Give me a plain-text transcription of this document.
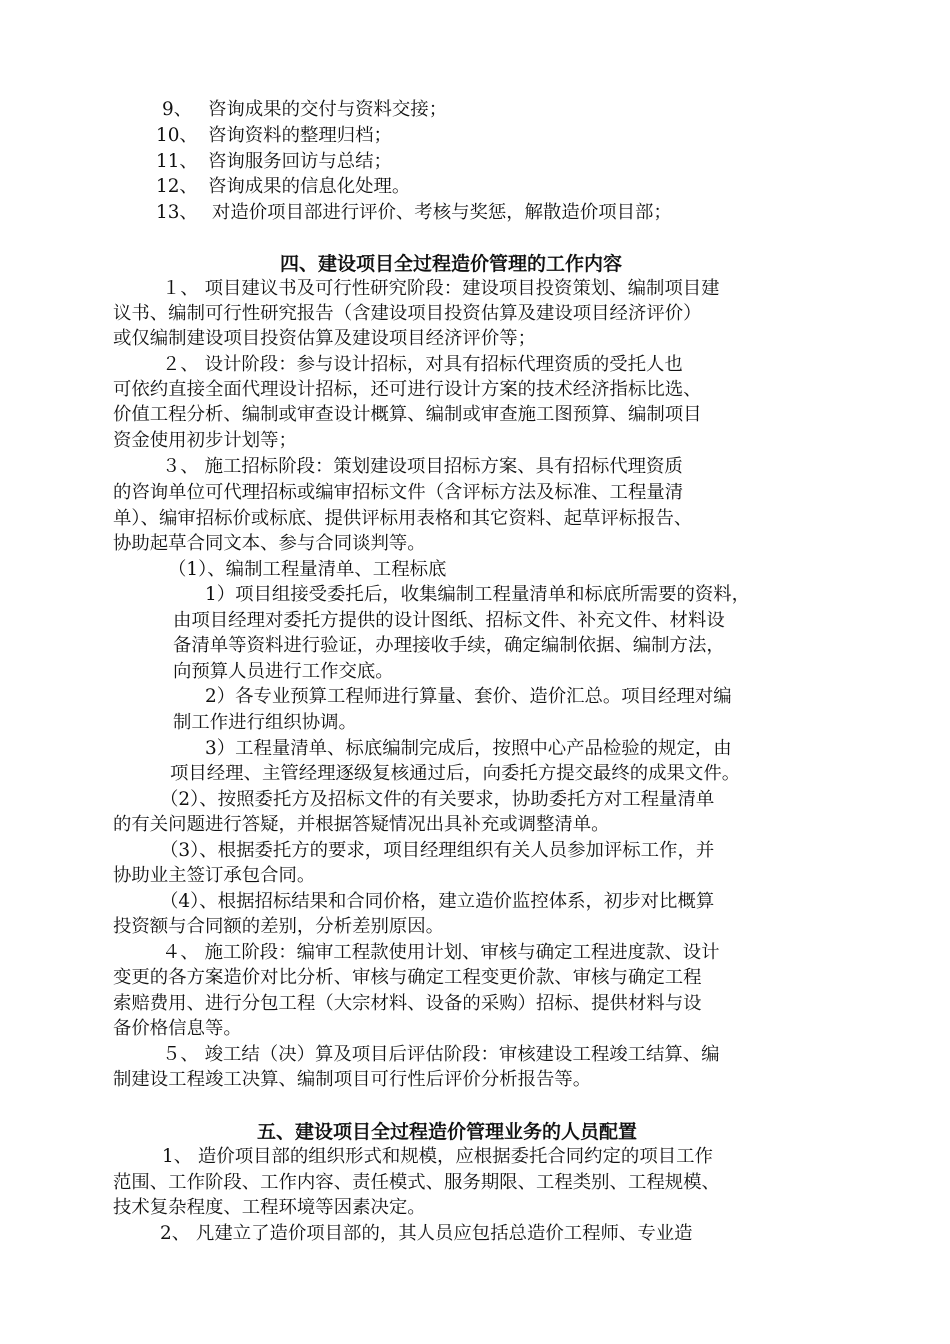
9、 咨询成果的交付与资料交接；
10、 咨询资料的整理归档；
11、 咨询服务回访与总结；
12、 咨询成果的信息化处理。
13、 对造价项目部进行评价、考核与奖惩，解散造价项目部；
四、建设项目全过程造价管理的工作内容
１、 项目建议书及可行性研究阶段：建设项目投资策划、编制项目建
议书、编制可行性研究报告（含建设项目投资估算及建设项目经济评价）
或仅编制建设项目投资估算及建设项目经济评价等；
２、 设计阶段：参与设计招标，对具有招标代理资质的受托人也
可依约直接全面代理设计招标，还可进行设计方案的技术经济指标比选、
价值工程分析、编制或审查设计概算、编制或审查施工图预算、编制项目
资金使用初步计划等；
３、 施工招标阶段：策划建设项目招标方案、具有招标代理资质
的咨询单位可代理招标或编审招标文件（含评标方法及标准、工程量清
单）、编审招标价或标底、提供评标用表格和其它资料、起草评标报告、
协助起草合同文本、参与合同谈判等。
（1）、编制工程量清单、工程标底
1）项目组接受委托后，收集编制工程量清单和标底所需要的资料，
由项目经理对委托方提供的设计图纸、招标文件、补充文件、材料设
备清单等资料进行验证，办理接收手续，确定编制依据、编制方法，
向预算人员进行工作交底。
2）各专业预算工程师进行算量、套价、造价汇总。项目经理对编
制工作进行组织协调。
3）工程量清单、标底编制完成后，按照中心产品检验的规定，由
项目经理、主管经理逐级复核通过后，向委托方提交最终的成果文件。
（2）、按照委托方及招标文件的有关要求，协助委托方对工程量清单
的有关问题进行答疑，并根据答疑情况出具补充或调整清单。
（3）、根据委托方的要求，项目经理组织有关人员参加评标工作，并
协助业主签订承包合同。
（4）、根据招标结果和合同价格，建立造价监控体系，初步对比概算
投资额与合同额的差别，分析差别原因。
４、 施工阶段：编审工程款使用计划、审核与确定工程进度款、设计
变更的各方案造价对比分析、审核与确定工程变更价款、审核与确定工程
索赔费用、进行分包工程（大宗材料、设备的采购）招标、提供材料与设
备价格信息等。
５、 竣工结（决）算及项目后评估阶段：审核建设工程竣工结算、编
制建设工程竣工决算、编制项目可行性后评价分析报告等。
五、建设项目全过程造价管理业务的人员配置
1、 造价项目部的组织形式和规模，应根据委托合同约定的项目工作
范围、工作阶段、工作内容、责任模式、服务期限、工程类别、工程规模、
技术复杂程度、工程环境等因素决定。
2、 凡建立了造价项目部的，其人员应包括总造价工程师、专业造
